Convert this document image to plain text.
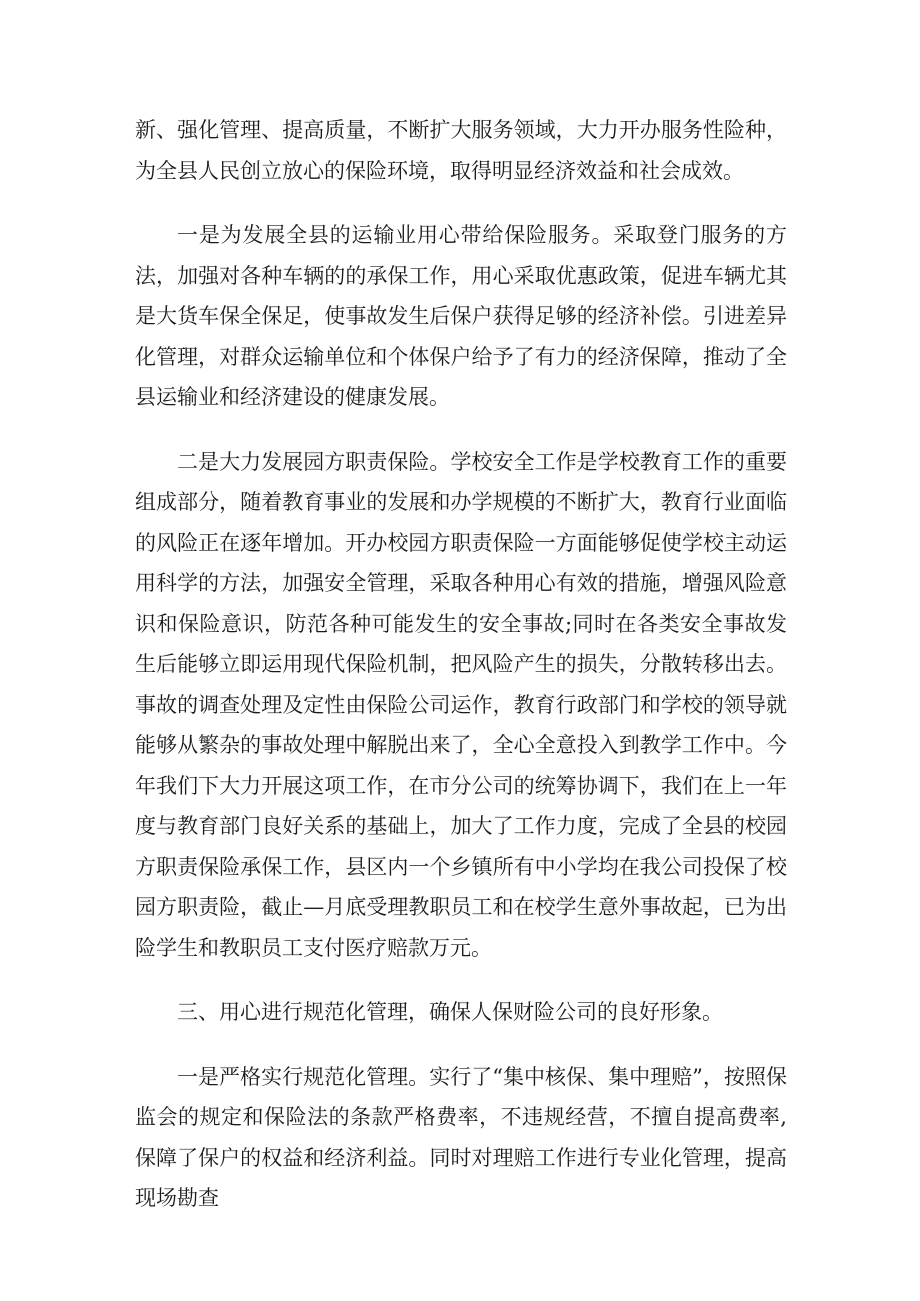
新、强化管理、提高质量，不断扩大服务领域，大力开办服务性险种，为全县人民创立放心的保险环境，取得明显经济效益和社会成效。

一是为发展全县的运输业用心带给保险服务。采取登门服务的方法，加强对各种车辆的的承保工作，用心采取优惠政策，促进车辆尤其是大货车保全保足，使事故发生后保户获得足够的经济补偿。引进差异化管理，对群众运输单位和个体保户给予了有力的经济保障，推动了全县运输业和经济建设的健康发展。

二是大力发展园方职责保险。学校安全工作是学校教育工作的重要组成部分，随着教育事业的发展和办学规模的不断扩大，教育行业面临的风险正在逐年增加。开办校园方职责保险一方面能够促使学校主动运用科学的方法，加强安全管理，采取各种用心有效的措施，增强风险意识和保险意识，防范各种可能发生的安全事故;同时在各类安全事故发生后能够立即运用现代保险机制，把风险产生的损失，分散转移出去。事故的调查处理及定性由保险公司运作，教育行政部门和学校的领导就能够从繁杂的事故处理中解脱出来了，全心全意投入到教学工作中。今年我们下大力开展这项工作，在市分公司的统筹协调下，我们在上一年度与教育部门良好关系的基础上，加大了工作力度，完成了全县的校园方职责保险承保工作，县区内一个乡镇所有中小学均在我公司投保了校园方职责险，截止—月底受理教职员工和在校学生意外事故起，已为出险学生和教职员工支付医疗赔款万元。

三、用心进行规范化管理，确保人保财险公司的良好形象。

一是严格实行规范化管理。实行了“集中核保、集中理赔”，按照保监会的规定和保险法的条款严格费率，不违规经营，不擅自提高费率,保障了保户的权益和经济利益。同时对理赔工作进行专业化管理，提高现场勘查
